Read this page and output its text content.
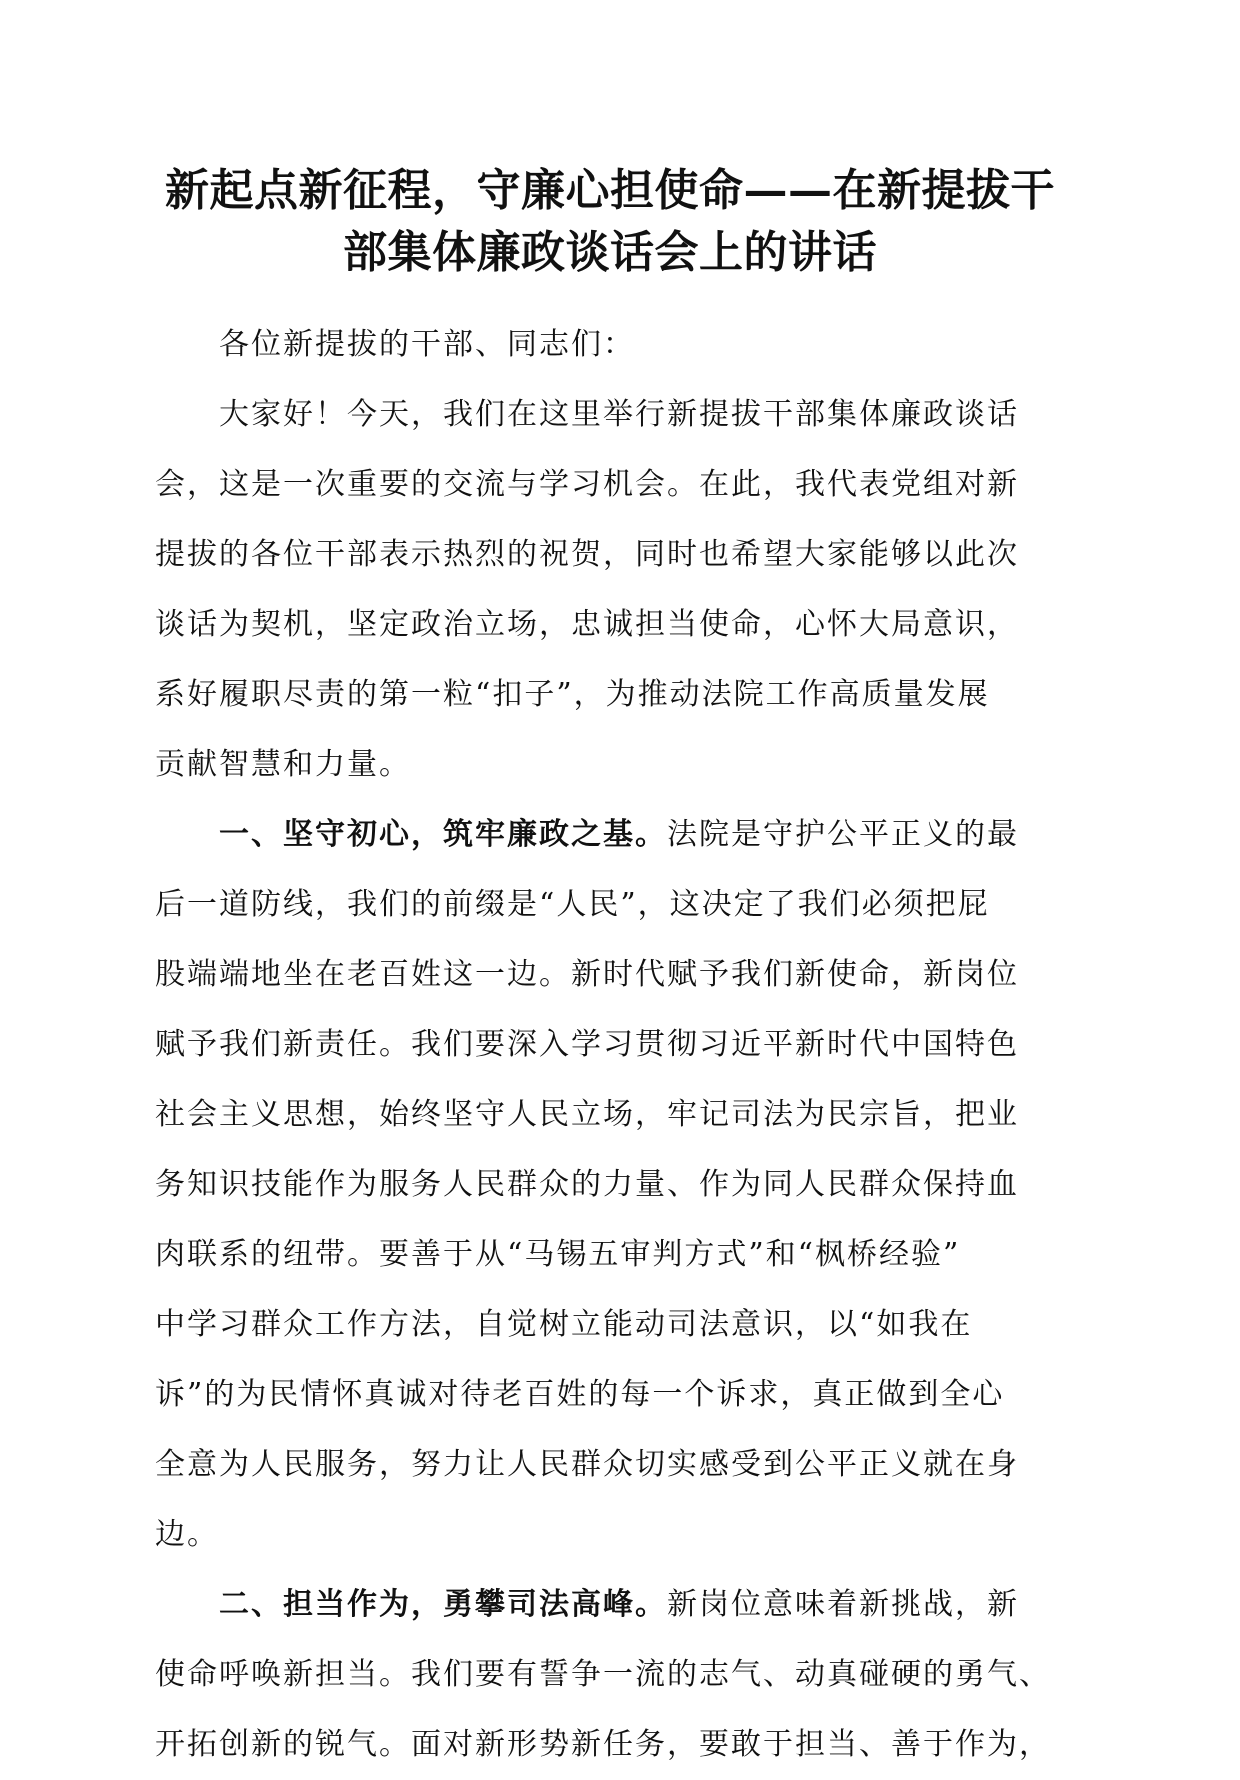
新起点新征程，守廉心担使命——在新提拔干
部集体廉政谈话会上的讲话

各位新提拔的干部、同志们：

大家好！今天，我们在这里举行新提拔干部集体廉政谈话
会，这是一次重要的交流与学习机会。在此，我代表党组对新
提拔的各位干部表示热烈的祝贺，同时也希望大家能够以此次
谈话为契机，坚定政治立场，忠诚担当使命，心怀大局意识，
系好履职尽责的第一粒“扣子”，为推动法院工作高质量发展
贡献智慧和力量。

一、坚守初心，筑牢廉政之基。法院是守护公平正义的最
后一道防线，我们的前缀是“人民”，这决定了我们必须把屁
股端端地坐在老百姓这一边。新时代赋予我们新使命，新岗位
赋予我们新责任。我们要深入学习贯彻习近平新时代中国特色
社会主义思想，始终坚守人民立场，牢记司法为民宗旨，把业
务知识技能作为服务人民群众的力量、作为同人民群众保持血
肉联系的纽带。要善于从“马锡五审判方式”和“枫桥经验”
中学习群众工作方法，自觉树立能动司法意识，以“如我在
诉”的为民情怀真诚对待老百姓的每一个诉求，真正做到全心
全意为人民服务，努力让人民群众切实感受到公平正义就在身
边。

二、担当作为，勇攀司法高峰。新岗位意味着新挑战，新
使命呼唤新担当。我们要有誓争一流的志气、动真碰硬的勇气、
开拓创新的锐气。面对新形势新任务，要敢于担当、善于作为，
